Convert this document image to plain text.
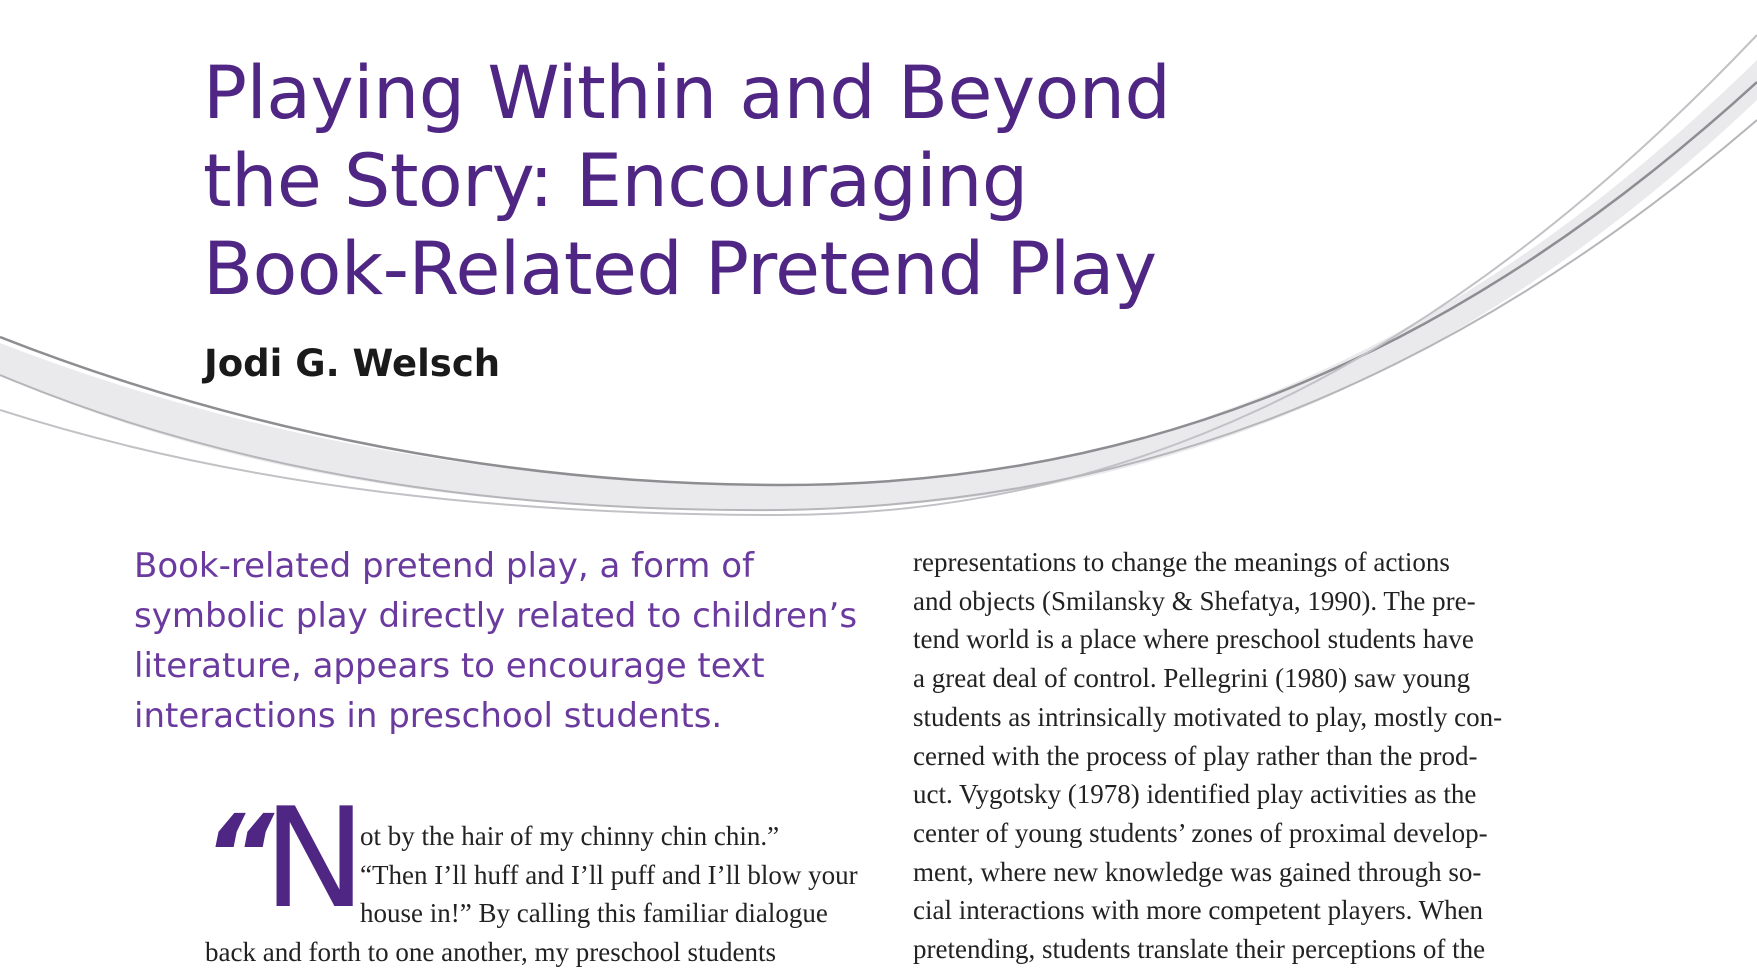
Playing Within and Beyond
the Story: Encouraging
Book-Related Pretend Play
Jodi G. Welsch
Book-related pretend play, a form of
symbolic play directly related to children’s
literature, appears to encourage text
interactions in preschool students.
“
N
ot by the hair of my chinny chin chin.”
“Then I’ll huff and I’ll puff and I’ll blow your
house in!” By calling this familiar dialogue
back and forth to one another, my preschool students
representations to change the meanings of actions
and objects (Smilansky & Shefatya, 1990). The pre-
tend world is a place where preschool students have
a great deal of control. Pellegrini (1980) saw young
students as intrinsically motivated to play, mostly con-
cerned with the process of play rather than the prod-
uct. Vygotsky (1978) identified play activities as the
center of young students’ zones of proximal develop-
ment, where new knowledge was gained through so-
cial interactions with more competent players. When
pretending, students translate their perceptions of the
